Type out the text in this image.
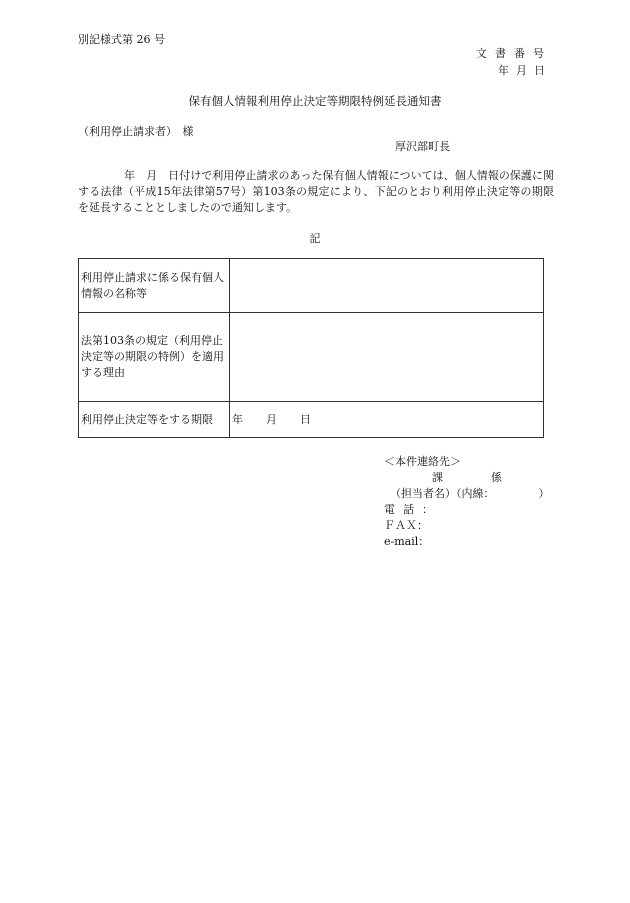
別記様式第 26 号
文書番号
年月日
保有個人情報利用停止決定等期限特例延長通知書
（利用停止請求者）　様
厚沢部町長
年　月　日付けで利用停止請求のあった保有個人情報については、個人情報の保護に関する法律（平成15年法律第57号）第103条の規定により、下記のとおり利用停止決定等の期限を延長することとしましたので通知します。
記
利用停止請求に係る保有個人情報の名称等	
法第103条の規定（利用停止決定等の期限の特例）を適用する理由	
利用停止決定等をする期限	年　月　日
＜本件連絡先＞
課	係
（担当者名）（内線：	）
電話：
ＦＡＸ：
e-mail：
